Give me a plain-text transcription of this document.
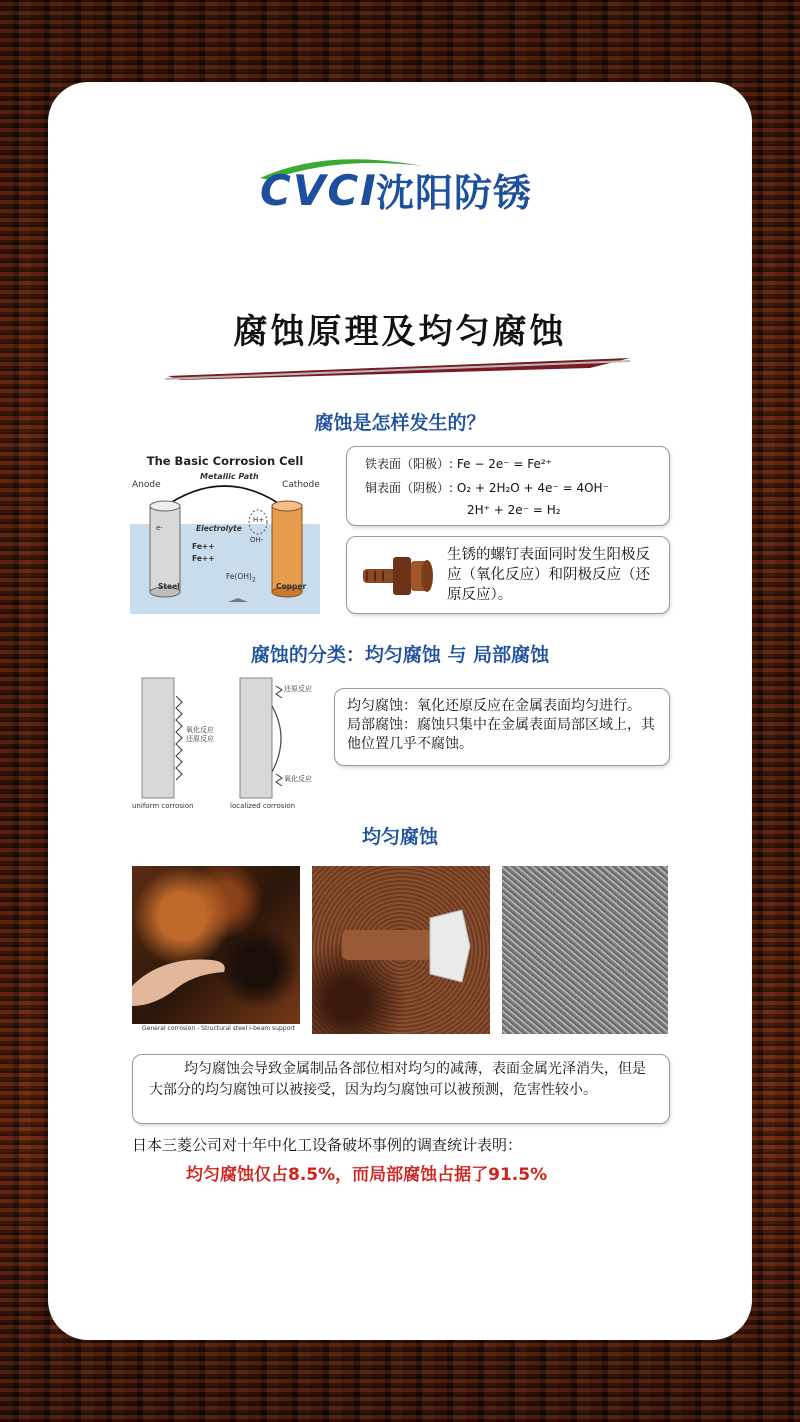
CVCI
沈阳防锈
腐蚀原理及均匀腐蚀
腐蚀是怎样发生的？
The Basic Corrosion Cell
Anode	Cathode
Metallic Path
Electrolyte
Fe++
Fe++
OH-
H+
e-
Steel	Copper
$Fe(OH)_2$
铁表面（阳极）: Fe − 2e⁻ = Fe²⁺
铜表面（阴极）: O₂ + 2H₂O + 4e⁻ = 4OH⁻
2H⁺ + 2e⁻ = H₂
生锈的螺钉表面同时发生阳极反应（氧化反应）和阴极反应（还原反应）。
腐蚀的分类：均匀腐蚀 与 局部腐蚀
氧化反应
还原反应
还原反应
氧化反应
uniform corrosion	localized corrosion
均匀腐蚀：氧化还原反应在金属表面均匀进行。
局部腐蚀：腐蚀只集中在金属表面局部区域上，其他位置几乎不腐蚀。
均匀腐蚀
General corrosion - Structural steel I-beam support
均匀腐蚀会导致金属制品各部位相对均匀的减薄，表面金属光泽消失，但是大部分的均匀腐蚀可以被接受，因为均匀腐蚀可以被预测，危害性较小。
日本三菱公司对十年中化工设备破坏事例的调查统计表明：
均匀腐蚀仅占8.5%，而局部腐蚀占据了91.5%
